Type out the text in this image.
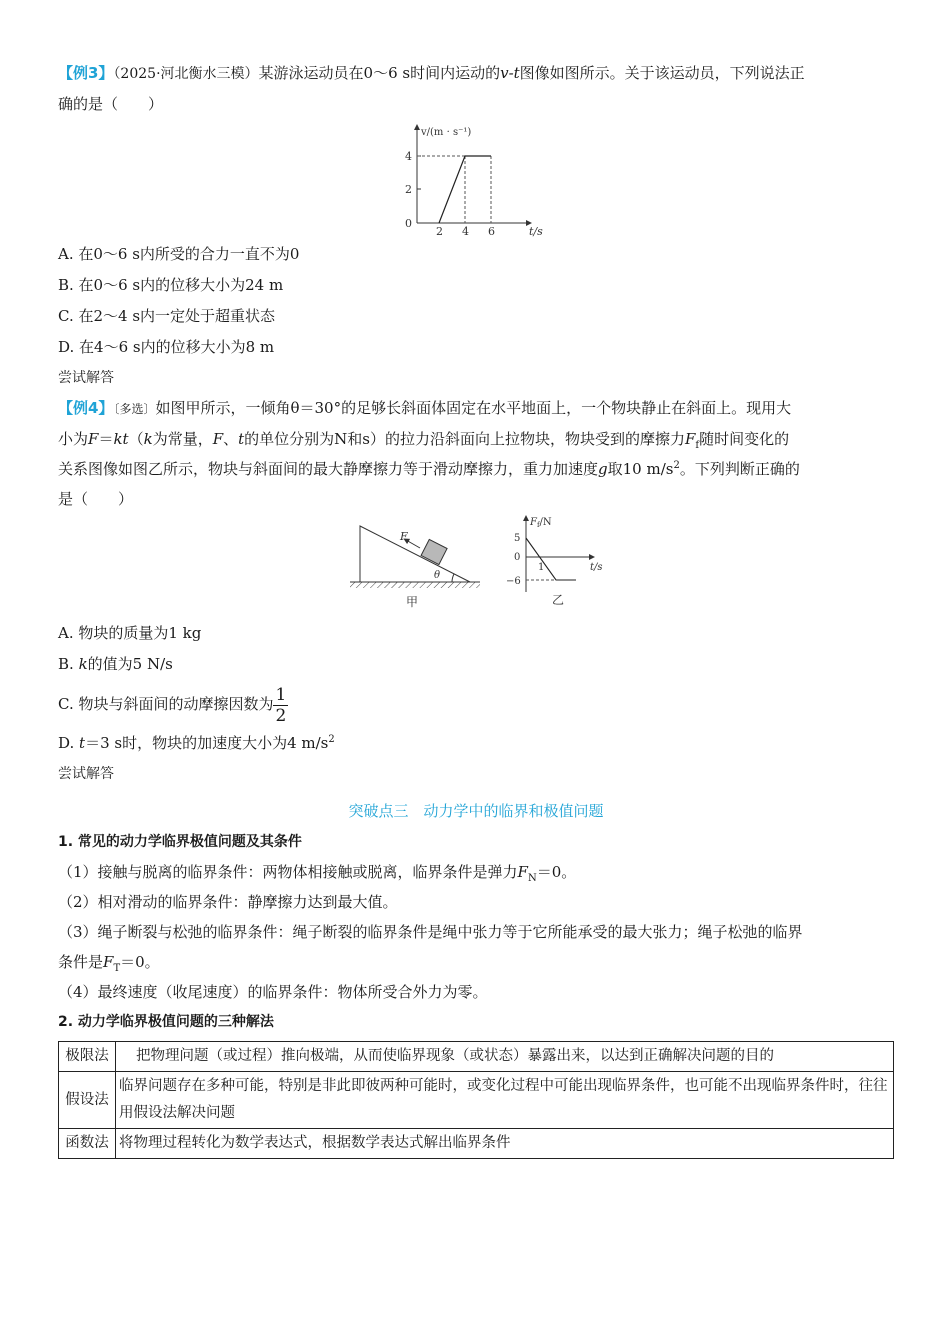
【例3】（2025·河北衡水三模）某游泳运动员在0～6 s时间内运动的v-t图像如图所示。关于该运动员，下列说法正

确的是（　　）

v/(m · s⁻¹)
t/s
0
2
4
2 4 6

A. 在0～6 s内所受的合力一直不为0

B. 在0～6 s内的位移大小为24 m

C. 在2～4 s内一定处于超重状态

D. 在4～6 s内的位移大小为8 m

尝试解答

【例4】〔多选〕如图甲所示，一倾角θ＝30°的足够长斜面体固定在水平地面上，一个物块静止在斜面上。现用大

小为F＝kt（k为常量，F、t的单位分别为N和s）的拉力沿斜面向上拉物块，物块受到的摩擦力$F_f$随时间变化的

关系图像如图乙所示，物块与斜面间的最大静摩擦力等于滑动摩擦力，重力加速度g取10 $m/s^2$。下列判断正确的

是（　　）

F
θ
甲
$F_f/N$
t/s
5
0
−6
1
乙

A. 物块的质量为1 kg

B. k的值为5 N/s

C. 物块与斜面间的动摩擦因数为 $\frac{1}{2}$

D. t＝3 s时，物块的加速度大小为4 $m/s^2$

尝试解答

突破点三　动力学中的临界和极值问题

1. 常见的动力学临界极值问题及其条件

（1）接触与脱离的临界条件：两物体相接触或脱离，临界条件是弹力$F_N=0$。

（2）相对滑动的临界条件：静摩擦力达到最大值。

（3）绳子断裂与松弛的临界条件：绳子断裂的临界条件是绳中张力等于它所能承受的最大张力；绳子松弛的临界

条件是$F_T=0$。

（4）最终速度（收尾速度）的临界条件：物体所受合外力为零。

2. 动力学临界极值问题的三种解法

极限法	把物理问题（或过程）推向极端，从而使临界现象（或状态）暴露出来，以达到正确解决问题的目的
假设法	临界问题存在多种可能，特别是非此即彼两种可能时，或变化过程中可能出现临界条件，也可能不出现临界条件时，往往用假设法解决问题
函数法	将物理过程转化为数学表达式，根据数学表达式解出临界条件
